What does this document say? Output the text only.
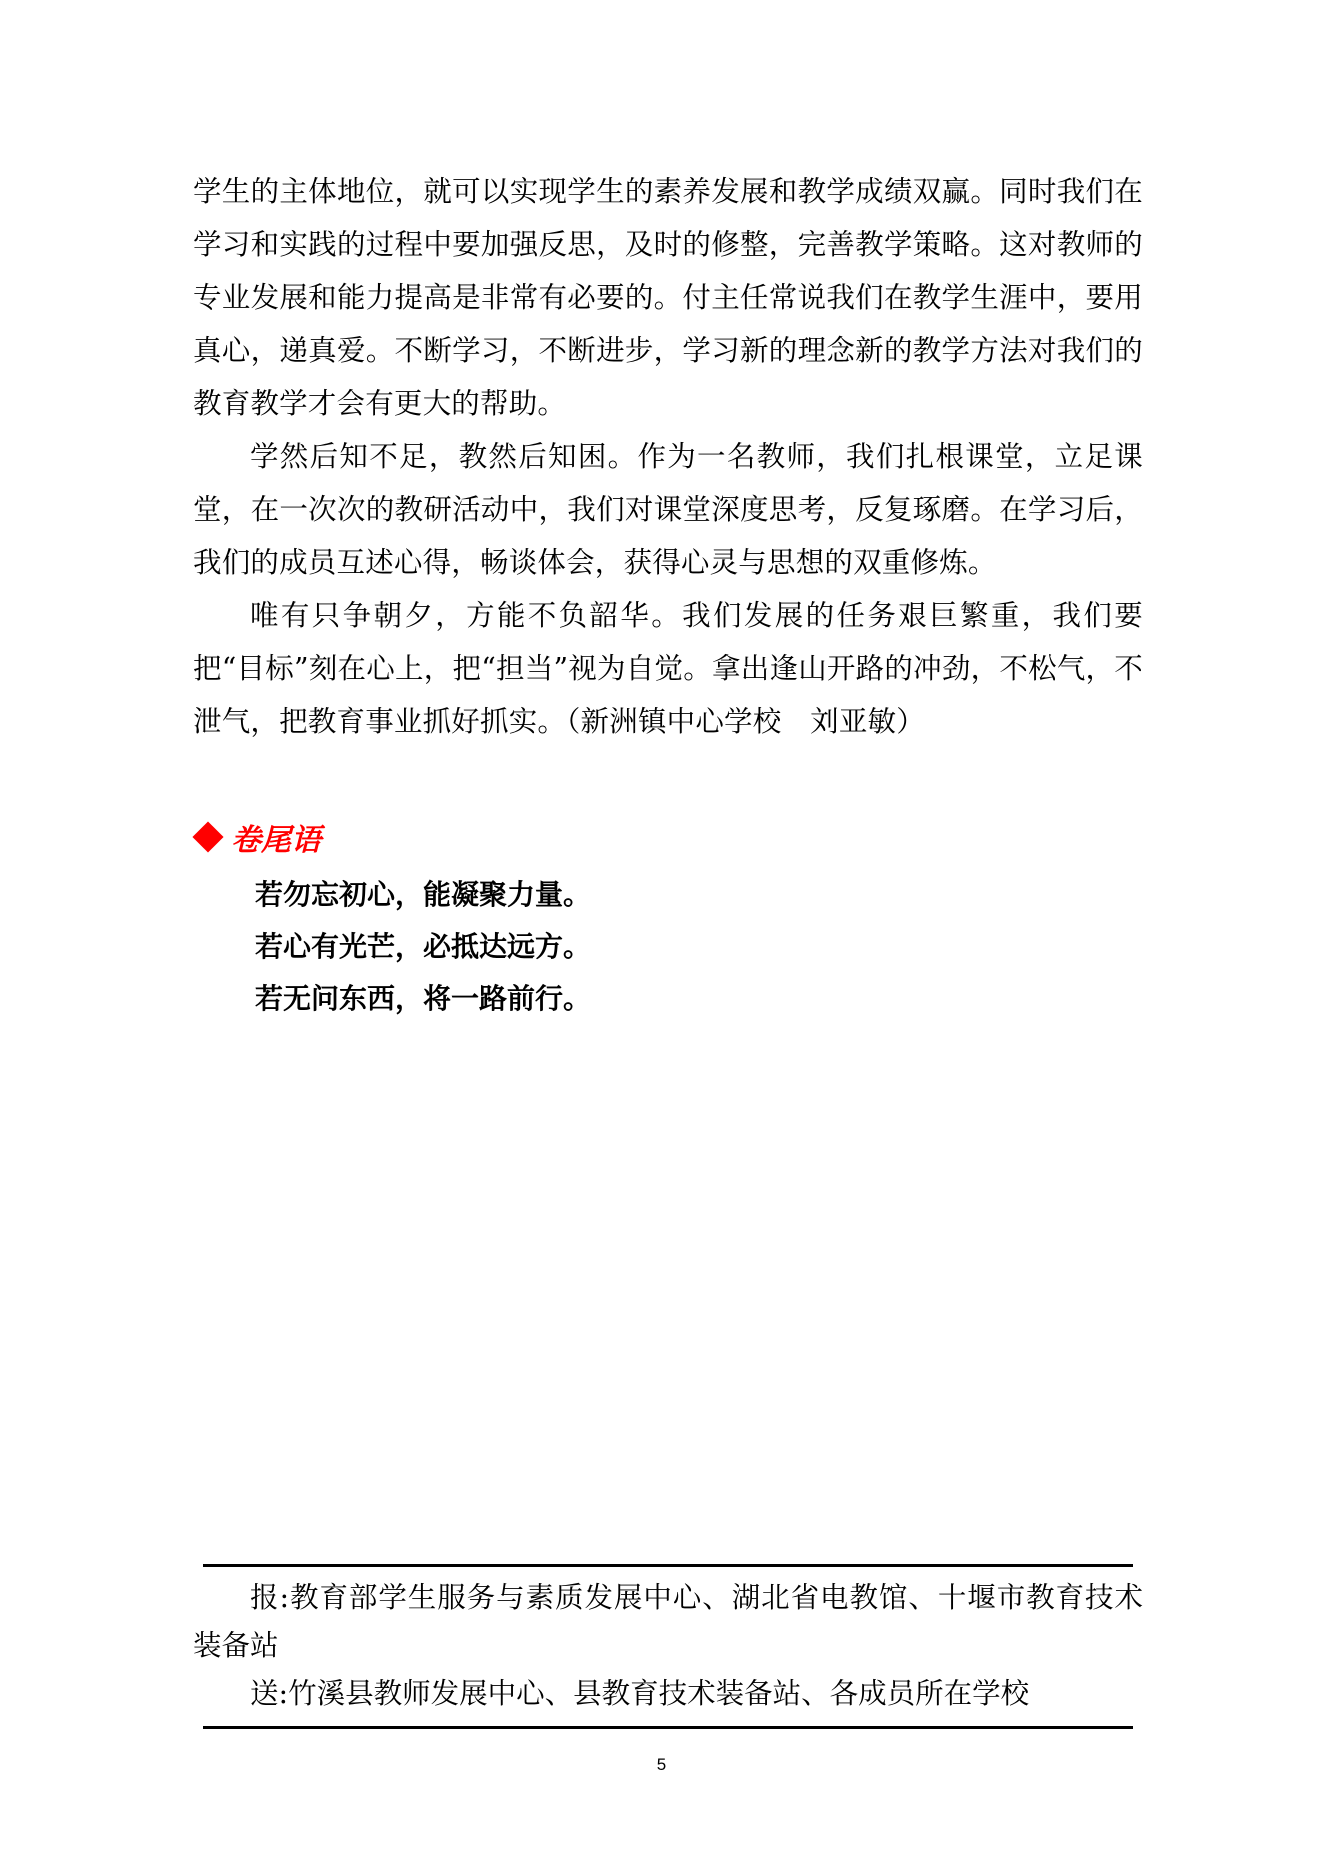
学生的主体地位，就可以实现学生的素养发展和教学成绩双赢。同时我们在学习和实践的过程中要加强反思，及时的修整，完善教学策略。这对教师的专业发展和能力提高是非常有必要的。付主任常说我们在教学生涯中，要用真心，递真爱。不断学习，不断进步，学习新的理念新的教学方法对我们的教育教学才会有更大的帮助。

学然后知不足，教然后知困。作为一名教师，我们扎根课堂，立足课堂，在一次次的教研活动中，我们对课堂深度思考，反复琢磨。在学习后，我们的成员互述心得，畅谈体会，获得心灵与思想的双重修炼。

唯有只争朝夕，方能不负韶华。我们发展的任务艰巨繁重，我们要把“目标”刻在心上，把“担当”视为自觉。拿出逢山开路的冲劲，不松气，不泄气，把教育事业抓好抓实。（新洲镇中心学校　刘亚敏）

卷尾语
若勿忘初心，能凝聚力量。
若心有光芒，必抵达远方。
若无问东西，将一路前行。

报:教育部学生服务与素质发展中心、湖北省电教馆、十堰市教育技术装备站

送:竹溪县教师发展中心、县教育技术装备站、各成员所在学校

5
